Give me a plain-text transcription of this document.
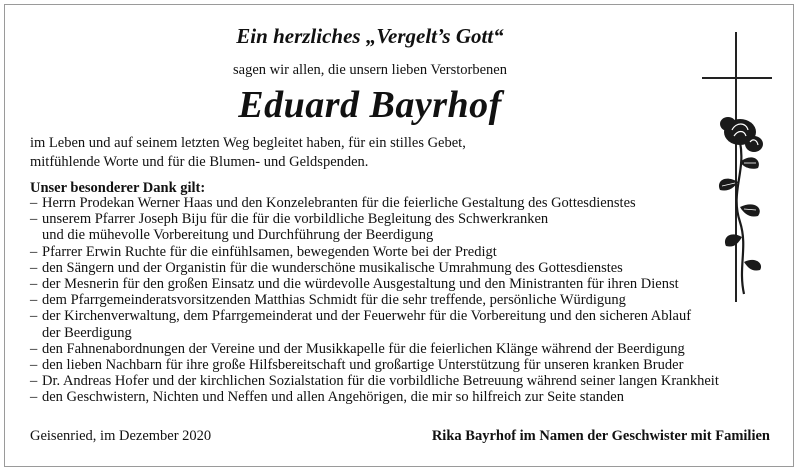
Ein herzliches „Vergelt’s Gott“
sagen wir allen, die unsern lieben Verstorbenen
Eduard Bayrhof
im Leben und auf seinem letzten Weg begleitet haben, für ein stilles Gebet,
mitfühlende Worte und für die Blumen- und Geldspenden.
Unser besonderer Dank gilt:
– Herrn Prodekan Werner Haas und den Konzelebranten für die feierliche Gestaltung des Gottesdienstes
– unserem Pfarrer Joseph Biju für die für die vorbildliche Begleitung des Schwerkranken
und die mühevolle Vorbereitung und Durchführung der Beerdigung
– Pfarrer Erwin Ruchte für die einfühlsamen, bewegenden Worte bei der Predigt
– den Sängern und der Organistin für die wunderschöne musikalische Umrahmung des Gottesdienstes
– der Mesnerin für den großen Einsatz und die würdevolle Ausgestaltung und den Ministranten für ihren Dienst
– dem Pfarrgemeinderatsvorsitzenden Matthias Schmidt für die sehr treffende, persönliche Würdigung
– der Kirchenverwaltung, dem Pfarrgemeinderat und der Feuerwehr für die Vorbereitung und den sicheren Ablauf
der Beerdigung
– den Fahnenabordnungen der Vereine und der Musikkapelle für die feierlichen Klänge während der Beerdigung
– den lieben Nachbarn für ihre große Hilfsbereitschaft und großartige Unterstützung für unseren kranken Bruder
– Dr. Andreas Hofer und der kirchlichen Sozialstation für die vorbildliche Betreuung während seiner langen Krankheit
– den Geschwistern, Nichten und Neffen und allen Angehörigen, die mir so hilfreich zur Seite standen
Geisenried, im Dezember 2020	Rika Bayrhof im Namen der Geschwister mit Familien
